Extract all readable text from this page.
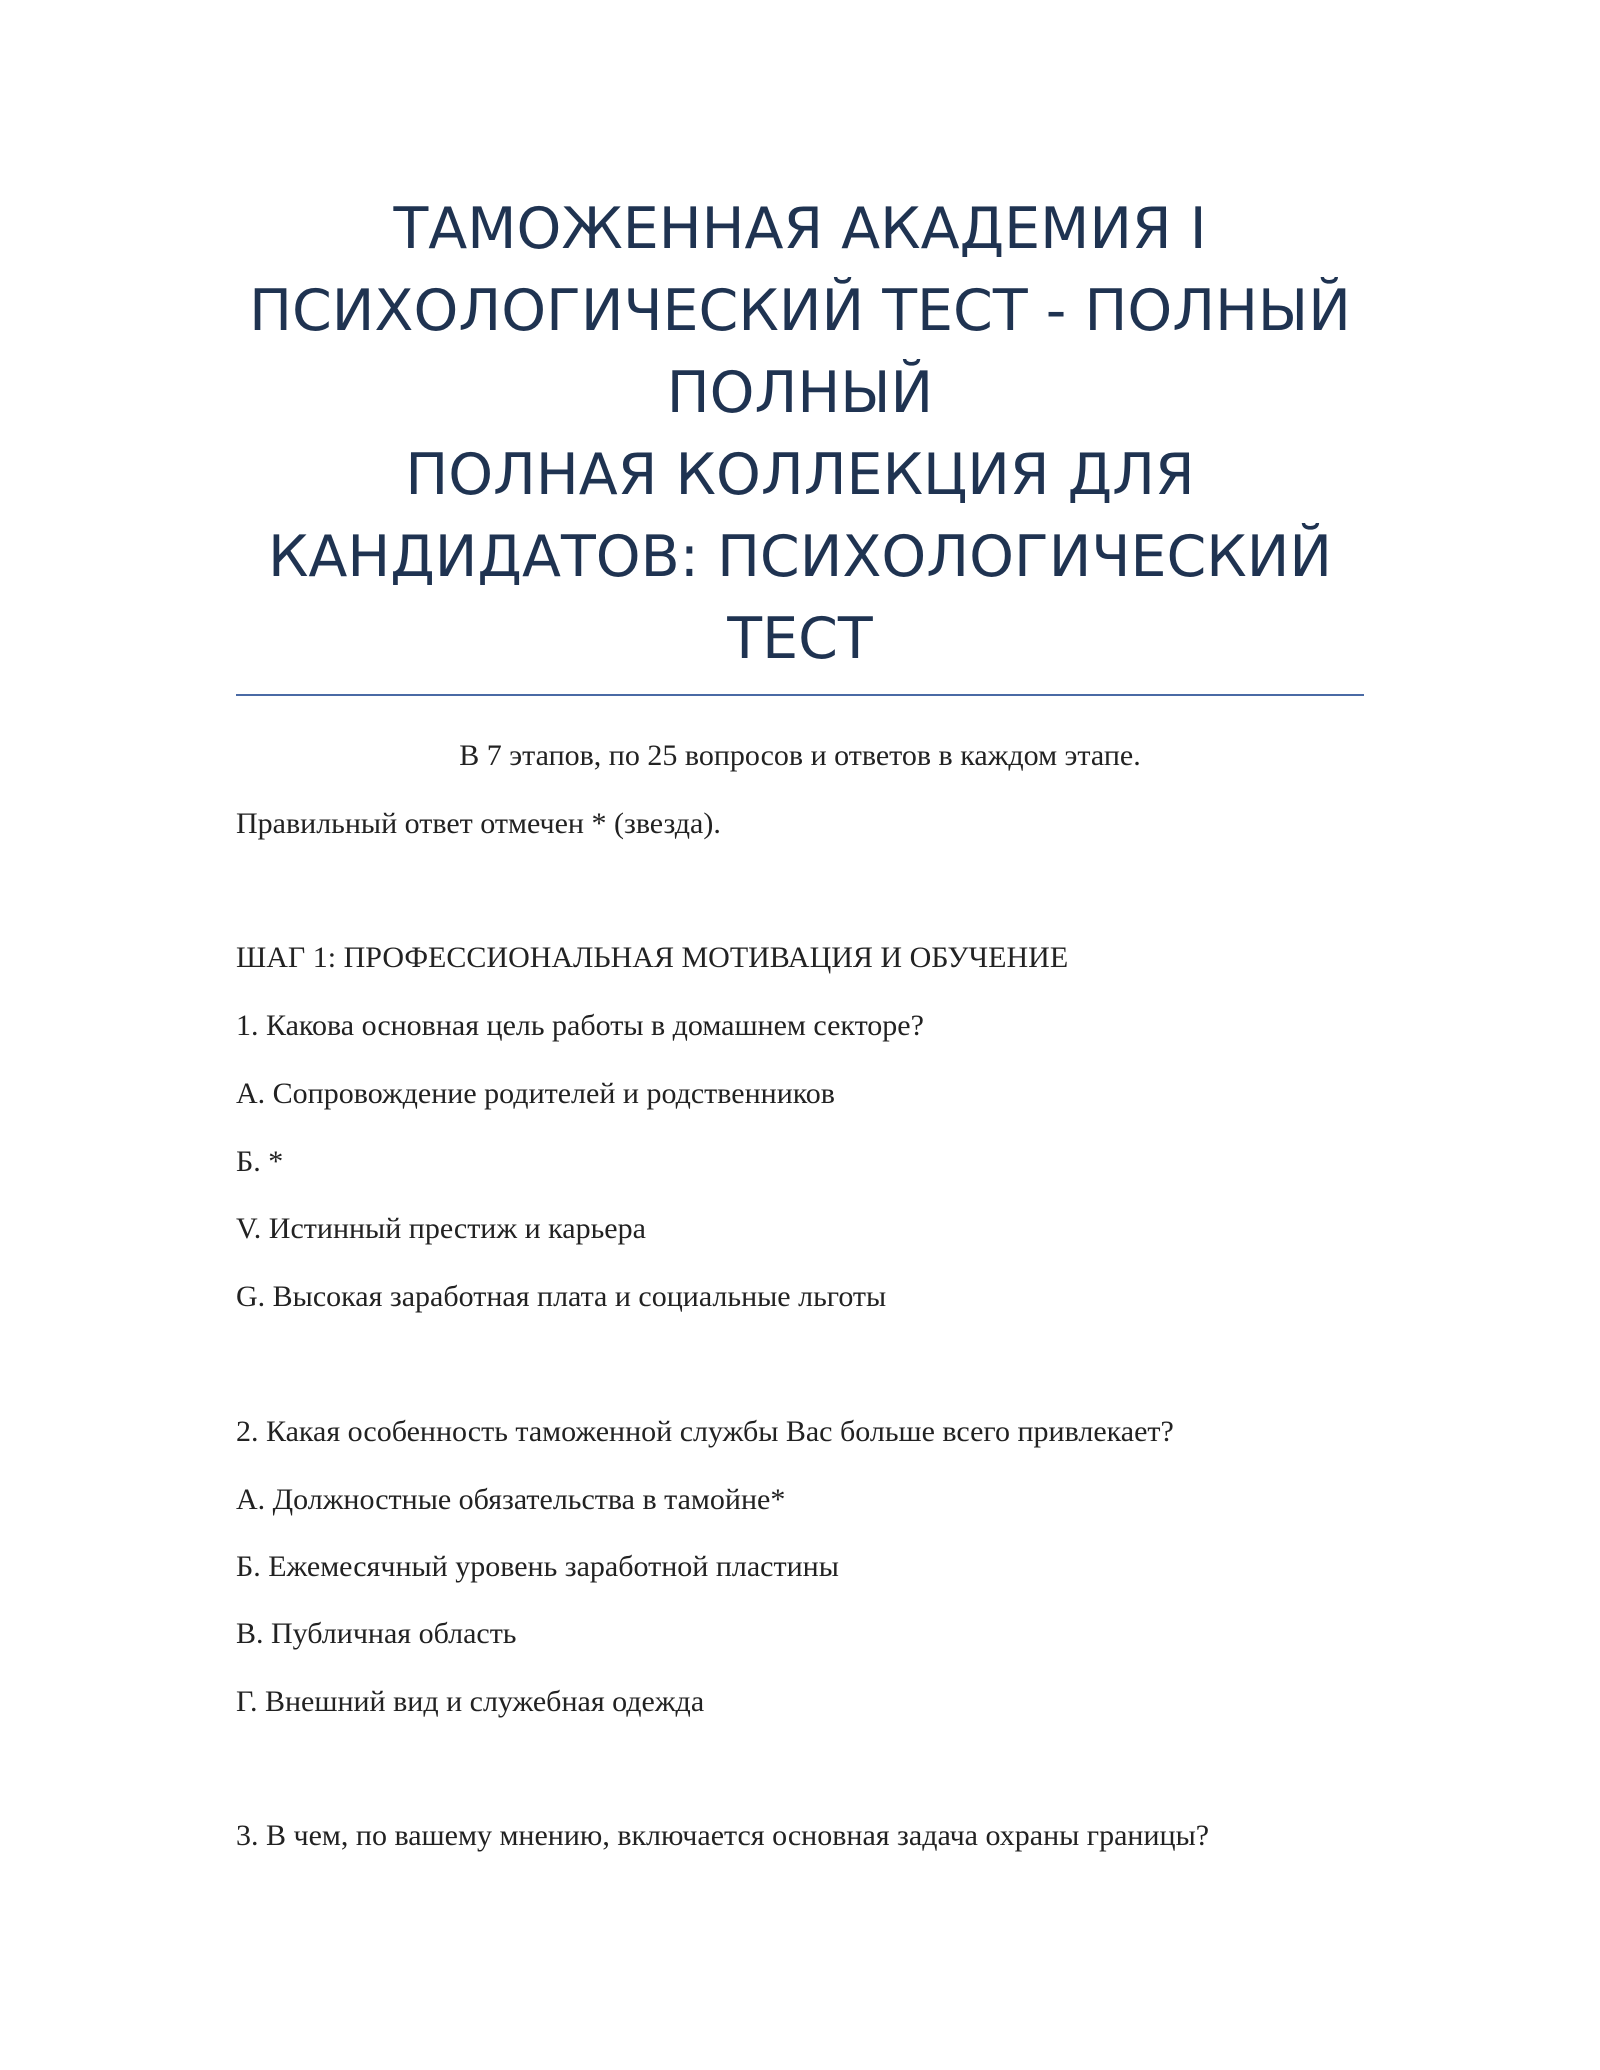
ТАМОЖЕННАЯ АКАДЕМИЯ I
ПСИХОЛОГИЧЕСКИЙ ТЕСТ - ПОЛНЫЙ
ПОЛНЫЙ
ПОЛНАЯ КОЛЛЕКЦИЯ ДЛЯ
КАНДИДАТОВ: ПСИХОЛОГИЧЕСКИЙ
ТЕСТ
В 7 этапов, по 25 вопросов и ответов в каждом этапе.
Правильный ответ отмечен * (звезда).
ШАГ 1: ПРОФЕССИОНАЛЬНАЯ МОТИВАЦИЯ И ОБУЧЕНИЕ
1. Какова основная цель работы в домашнем секторе?
А. Сопровождение родителей и родственников
Б. *
V. Истинный престиж и карьера
G. Высокая заработная плата и социальные льготы
2. Какая особенность таможенной службы Вас больше всего привлекает?
А. Должностные обязательства в тамойне*
Б. Ежемесячный уровень заработной пластины
В. Публичная область
Г. Внешний вид и служебная одежда
3. В чем, по вашему мнению, включается основная задача охраны границы?
